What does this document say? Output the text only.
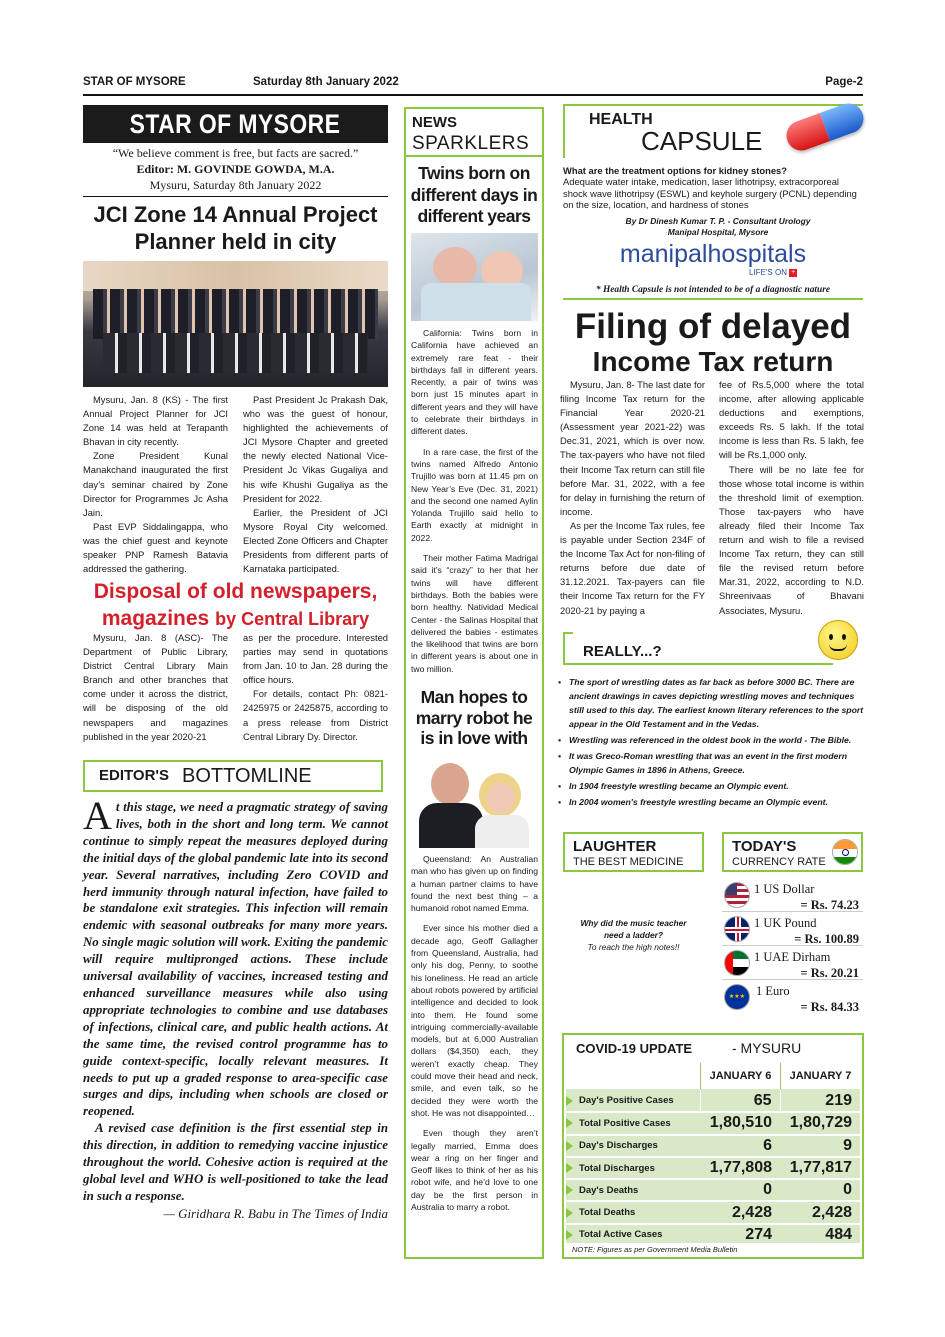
STAR OF MYSORE	Saturday 8th January 2022	Page-2
STAR OF MYSORE
“We believe comment is free, but facts are sacred.”
Editor: M. GOVINDE GOWDA, M.A.
Mysuru, Saturday 8th January 2022
JCI Zone 14 Annual Project Planner held in city

Mysuru, Jan. 8 (KS) - The first Annual Project Planner for JCI Zone 14 was held at Terapanth Bhavan in city recently.

Zone President Kunal Manakchand inaugurated the first day’s seminar chaired by Zone Director for Programmes Jc Asha Jain.

Past EVP Siddalingappa, who was the chief guest and keynote speaker PNP Ramesh Batavia addressed the gathering.

Past President Jc Prakash Dak, who was the guest of honour, highlighted the achievements of JCI Mysore Chapter and greeted the newly elected National Vice-President Jc Vikas Gugaliya and his wife Khushi Gugaliya as the President for 2022.

Earlier, the President of JCI Mysore Royal City welcomed. Elected Zone Officers and Chapter Presidents from different parts of Karnataka participated.

Disposal of old newspapers,
magazines by Central Library

Mysuru, Jan. 8 (ASC)- The Department of Public Library, District Central Library Main Branch and other branches that come under it across the district, will be disposing of the old newspapers and magazines published in the year 2020-21

as per the procedure. Interested parties may send in quotations from Jan. 10 to Jan. 28 during the office hours.

For details, contact Ph: 0821-2425975 or 2425875, according to a press release from District Central Library Dy. Director.

EDITOR'S BOTTOMLINE
A t this stage, we need a pragmatic strategy of saving lives, both in the short and long term. We cannot continue to simply repeat the measures deployed during the initial days of the global pandemic late into its second year. Several narratives, including Zero COVID and herd immunity through natural infection, have failed to be standalone exit strategies. This infection will remain endemic with seasonal outbreaks for many more years. No single magic solution will work. Exiting the pandemic will require multipronged actions. These include universal availability of vaccines, increased testing and enhanced surveillance measures while also using appropriate technologies to combine and use databases of infections, clinical care, and public health actions. At the same time, the revised control programme has to guide context-specific, locally relevant measures. It needs to put up a graded response to area-specific case surges and dips, including when schools are closed or reopened.
A revised case definition is the first essential step in this direction, in addition to remedying vaccine injustice throughout the world. Cohesive action is required at the global level and WHO is well-positioned to take the lead in such a response.
— Giridhara R. Babu in The Times of India
NEWS
SPARKLERS
Twins born on different days in different years

California: Twins born in California have achieved an extremely rare feat - their birthdays fall in different years. Recently, a pair of twins was born just 15 minutes apart in different years and they will have to celebrate their birthdays in different dates.

In a rare case, the first of the twins named Alfredo Antonio Trujillo was born at 11.45 pm on New Year’s Eve (Dec. 31, 2021) and the second one named Aylin Yolanda Trujillo said hello to Earth exactly at midnight in 2022.

Their mother Fatima Madrigal said it’s “crazy” to her that her twins will have different birthdays. Both the babies were born healthy. Natividad Medical Center - the Salinas Hospital that delivered the babies - estimates the likelihood that twins are born in different years is about one in two million.

Man hopes to marry robot he is in love with

Queensland: An Australian man who has given up on finding a human partner claims to have found the next best thing – a humanoid robot named Emma.

Ever since his mother died a decade ago, Geoff Gallagher from Queensland, Australia, had only his dog, Penny, to soothe his loneliness. He read an article about robots powered by artificial intelligence and decided to look into them. He found some intriguing commercially-available models, but at 6,000 Australian dollars ($4,350) each, they weren’t exactly cheap. They could move their head and neck, smile, and even talk, so he decided they were worth the shot. He was not disappointed…

Even though they aren’t legally married, Emma does wear a ring on her finger and Geoff likes to think of her as his robot wife, and he’d love to one day be the first person in Australia to marry a robot.

HEALTH
CAPSULE
What are the treatment options for kidney stones?
Adequate water intake, medication, laser lithotripsy, extracorporeal shock wave lithotripsy (ESWL) and keyhole surgery (PCNL) depending on the size, location, and hardness of stones
By Dr Dinesh Kumar T. P. - Consultant Urology
Manipal Hospital, Mysore
manipalhospitals
LIFE'S ON +
* Health Capsule is not intended to be of a diagnostic nature
Filing of delayed
Income Tax return

Mysuru, Jan. 8- The last date for filing Income Tax return for the Financial Year 2020-21 (Assessment year 2021-22) was Dec.31, 2021, which is over now. The tax-payers who have not filed their Income Tax return can still file before Mar. 31, 2022, with a fee for delay in furnishing the return of income.

As per the Income Tax rules, fee is payable under Section 234F of the Income Tax Act for non-filing of returns before due date of 31.12.2021. Tax-payers can file their Income Tax return for the FY 2020-21 by paying a

fee of Rs.5,000 where the total income, after allowing applicable deductions and exemptions, exceeds Rs. 5 lakh. If the total income is less than Rs. 5 lakh, fee will be Rs.1,000 only.

There will be no late fee for those whose total income is within the threshold limit of exemption. Those tax-payers who have already filed their Income Tax return and wish to file a revised Income Tax return, they can still file the revised return before Mar.31, 2022, according to N.D. Shreenivaas of Bhavani Associates, Mysuru.

REALLY...?
• The sport of wrestling dates as far back as before 3000 BC. There are ancient drawings in caves depicting wrestling moves and techniques still used to this day. The earliest known literary references to the sport appear in the Old Testament and in the Vedas.
• Wrestling was referenced in the oldest book in the world - The Bible.
• It was Greco-Roman wrestling that was an event in the first modern Olympic Games in 1896 in Athens, Greece.
• In 1904 freestyle wrestling became an Olympic event.
• In 2004 women's freestyle wrestling became an Olympic event.
LAUGHTER
THE BEST MEDICINE
Why did the music teacher
need a ladder?
To reach the high notes!!
TODAY'S
CURRENCY RATE
1 US Dollar
= Rs. 74.23
1 UK Pound
= Rs. 100.89
1 UAE Dirham
= Rs. 20.21
★★★ 1 Euro
= Rs. 84.33
COVID-19 UPDATE	- MYSURU
JANUARY 6	JANUARY 7
Day's Positive Cases	65	219
Total Positive Cases	1,80,510	1,80,729
Day's Discharges	6	9
Total Discharges	1,77,808	1,77,817
Day's Deaths	0	0
Total Deaths	2,428	2,428
Total Active Cases	274	484
NOTE: Figures as per Government Media Bulletin
